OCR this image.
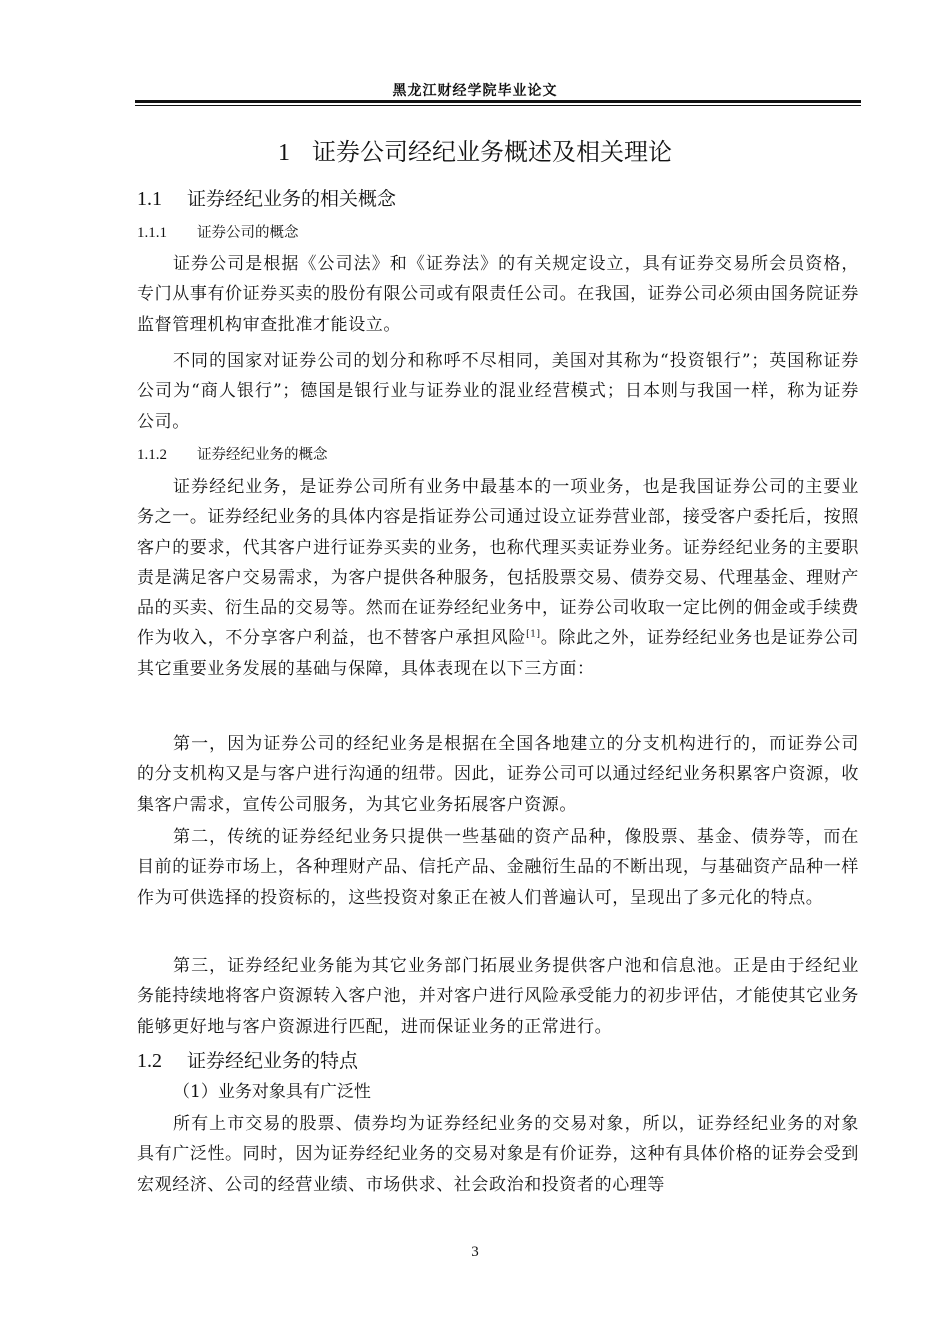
黑龙江财经学院毕业论文
1 证券公司经纪业务概述及相关理论
1.1 证券经纪业务的相关概念
1.1.1 证券公司的概念

证券公司是根据《公司法》和《证券法》的有关规定设立，具有证券交易所会员资格，专门从事有价证券买卖的股份有限公司或有限责任公司。在我国，证券公司必须由国务院证券监督管理机构审查批准才能设立。

不同的国家对证券公司的划分和称呼不尽相同，美国对其称为“投资银行”；英国称证券公司为“商人银行”；德国是银行业与证券业的混业经营模式；日本则与我国一样，称为证券公司。

1.1.2 证券经纪业务的概念

证券经纪业务，是证券公司所有业务中最基本的一项业务，也是我国证券公司的主要业务之一。证券经纪业务的具体内容是指证券公司通过设立证券营业部，接受客户委托后，按照客户的要求，代其客户进行证券买卖的业务，也称代理买卖证券业务。证券经纪业务的主要职责是满足客户交易需求，为客户提供各种服务，包括股票交易、债券交易、代理基金、理财产品的买卖、衍生品的交易等。然而在证券经纪业务中，证券公司收取一定比例的佣金或手续费作为收入，不分享客户利益，也不替客户承担风险[1]。除此之外，证券经纪业务也是证券公司其它重要业务发展的基础与保障，具体表现在以下三方面：

第一，因为证券公司的经纪业务是根据在全国各地建立的分支机构进行的，而证券公司的分支机构又是与客户进行沟通的纽带。因此，证券公司可以通过经纪业务积累客户资源，收集客户需求，宣传公司服务，为其它业务拓展客户资源。

第二，传统的证券经纪业务只提供一些基础的资产品种，像股票、基金、债券等，而在目前的证券市场上，各种理财产品、信托产品、金融衍生品的不断出现，与基础资产品种一样作为可供选择的投资标的，这些投资对象正在被人们普遍认可，呈现出了多元化的特点。

第三，证券经纪业务能为其它业务部门拓展业务提供客户池和信息池。正是由于经纪业务能持续地将客户资源转入客户池，并对客户进行风险承受能力的初步评估，才能使其它业务能够更好地与客户资源进行匹配，进而保证业务的正常进行。

1.2 证券经纪业务的特点
（1）业务对象具有广泛性

所有上市交易的股票、债券均为证券经纪业务的交易对象，所以，证券经纪业务的对象具有广泛性。同时，因为证券经纪业务的交易对象是有价证券，这种有具体价格的证券会受到宏观经济、公司的经营业绩、市场供求、社会政治和投资者的心理等

3
